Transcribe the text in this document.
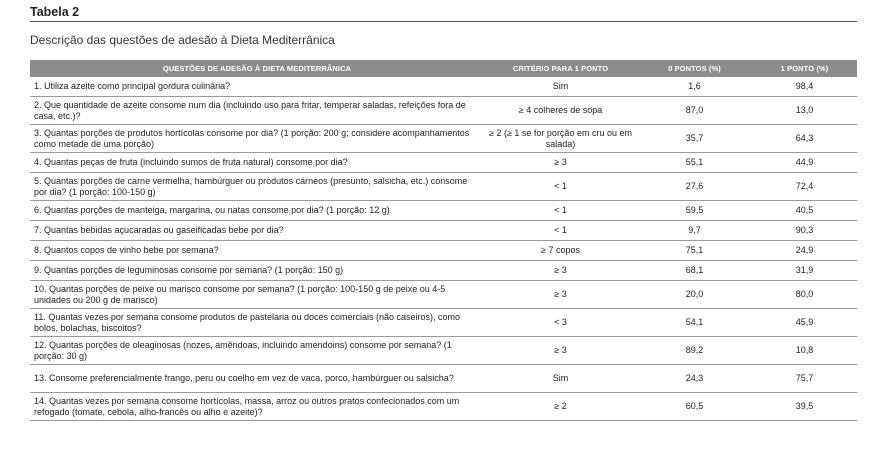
Tabela 2
Descrição das questões de adesão à Dieta Mediterrânica
QUESTÕES DE ADESÃO À DIETA MEDITERRÂNICA	CRITÉRIO PARA 1 PONTO	0 PONTOS (%)	1 PONTO (%)
1. Utiliza azeite como principal gordura culinária?	Sim	1,6	98,4
2. Que quantidade de azeite consome num dia (incluindo uso para fritar, temperar saladas, refeições fora de casa, etc.)?	≥ 4 colheres de sopa	87,0	13,0
3. Quantas porções de produtos hortícolas consome por dia? (1 porção: 200 g; considere acompanhamentos como metade de uma porção)	≥ 2 (≥ 1 se for porção em cru ou em salada)	35,7	64,3
4. Quantas peças de fruta (incluindo sumos de fruta natural) consome por dia?	≥ 3	55,1	44,9
5. Quantas porções de carne vermelha, hambúrguer ou produtos cárneos (presunto, salsicha, etc.) consome por dia? (1 porção: 100-150 g)	< 1	27,6	72,4
6. Quantas porções de manteiga, margarina, ou natas consome por dia? (1 porção: 12 g)	< 1	59,5	40,5
7. Quantas bebidas açucaradas ou gaseificadas bebe por dia?	< 1	9,7	90,3
8. Quantos copos de vinho bebe por semana?	≥ 7 copos	75,1	24,9
9. Quantas porções de leguminosas consome por semana? (1 porção: 150 g)	≥ 3	68,1	31,9
10. Quantas porções de peixe ou marisco consome por semana? (1 porção: 100-150 g de peixe ou 4-5 unidades ou 200 g de marisco)	≥ 3	20,0	80,0
11. Quantas vezes por semana consome produtos de pastelaria ou doces comerciais (não caseiros), como bolos, bolachas, biscoitos?	< 3	54,1	45,9
12. Quantas porções de oleaginosas (nozes, amêndoas, incluindo amendoins) consome por semana? (1 porção: 30 g)	≥ 3	89,2	10,8
13. Consome preferencialmente frango, peru ou coelho em vez de vaca, porco, hambúrguer ou salsicha?	Sim	24,3	75,7
14. Quantas vezes por semana consome hortícolas, massa, arroz ou outros pratos confecionados com um refogado (tomate, cebola, alho-francês ou alho e azeite)?	≥ 2	60,5	39,5
